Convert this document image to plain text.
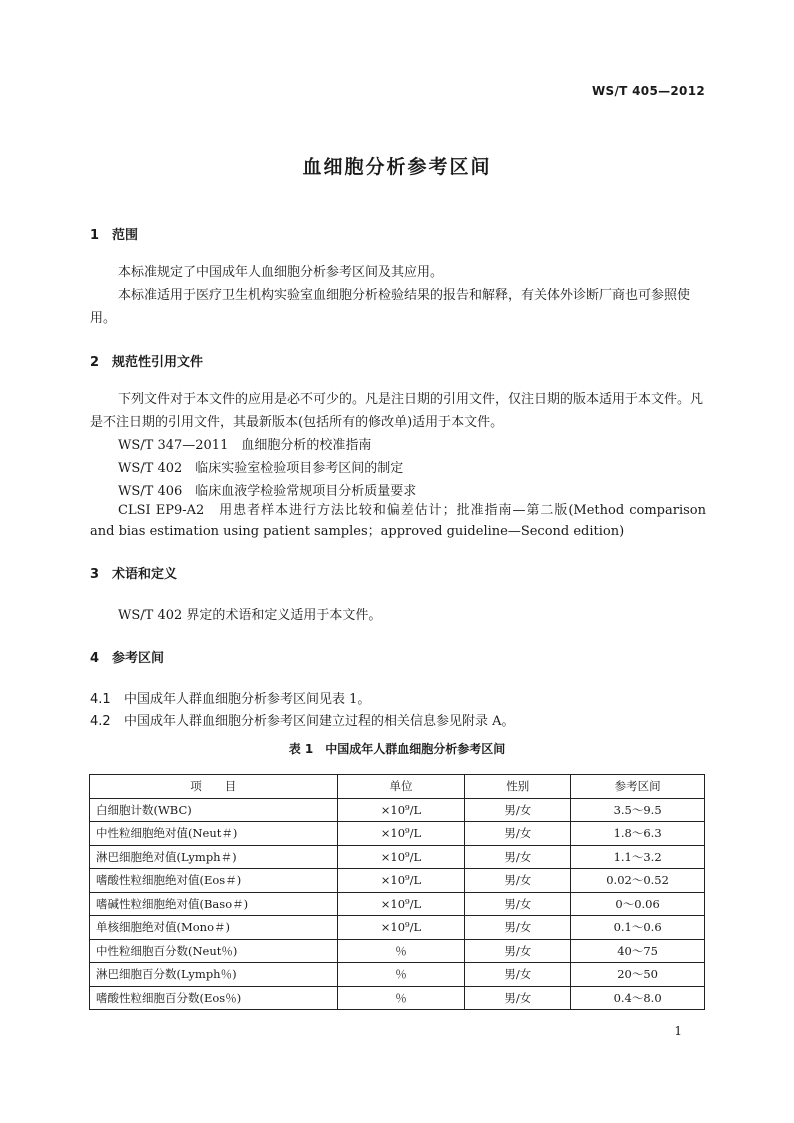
WS/T 405—2012
血细胞分析参考区间
1 范围
本标准规定了中国成年人血细胞分析参考区间及其应用。
本标准适用于医疗卫生机构实验室血细胞分析检验结果的报告和解释，有关体外诊断厂商也可参照使用。
2 规范性引用文件
下列文件对于本文件的应用是必不可少的。凡是注日期的引用文件，仅注日期的版本适用于本文件。凡是不注日期的引用文件，其最新版本(包括所有的修改单)适用于本文件。
WS/T 347—2011　血细胞分析的校准指南
WS/T 402　临床实验室检验项目参考区间的制定
WS/T 406　临床血液学检验常规项目分析质量要求
CLSI EP9-A2　用患者样本进行方法比较和偏差估计；批准指南—第二版(Method comparison
and bias estimation using patient samples；approved guideline—Second edition)
3 术语和定义
WS/T 402 界定的术语和定义适用于本文件。
4 参考区间
4.1 中国成年人群血细胞分析参考区间见表 1。
4.2 中国成年人群血细胞分析参考区间建立过程的相关信息参见附录 A。
表 1　中国成年人群血细胞分析参考区间
项　　目	单位	性别	参考区间
白细胞计数(WBC)	×10⁹/L	男/女	3.5～9.5
中性粒细胞绝对值(Neut＃)	×10⁹/L	男/女	1.8～6.3
淋巴细胞绝对值(Lymph＃)	×10⁹/L	男/女	1.1～3.2
嗜酸性粒细胞绝对值(Eos＃)	×10⁹/L	男/女	0.02～0.52
嗜碱性粒细胞绝对值(Baso＃)	×10⁹/L	男/女	0～0.06
单核细胞绝对值(Mono＃)	×10⁹/L	男/女	0.1～0.6
中性粒细胞百分数(Neut％)	％	男/女	40～75
淋巴细胞百分数(Lymph％)	％	男/女	20～50
嗜酸性粒细胞百分数(Eos％)	％	男/女	0.4～8.0
1
